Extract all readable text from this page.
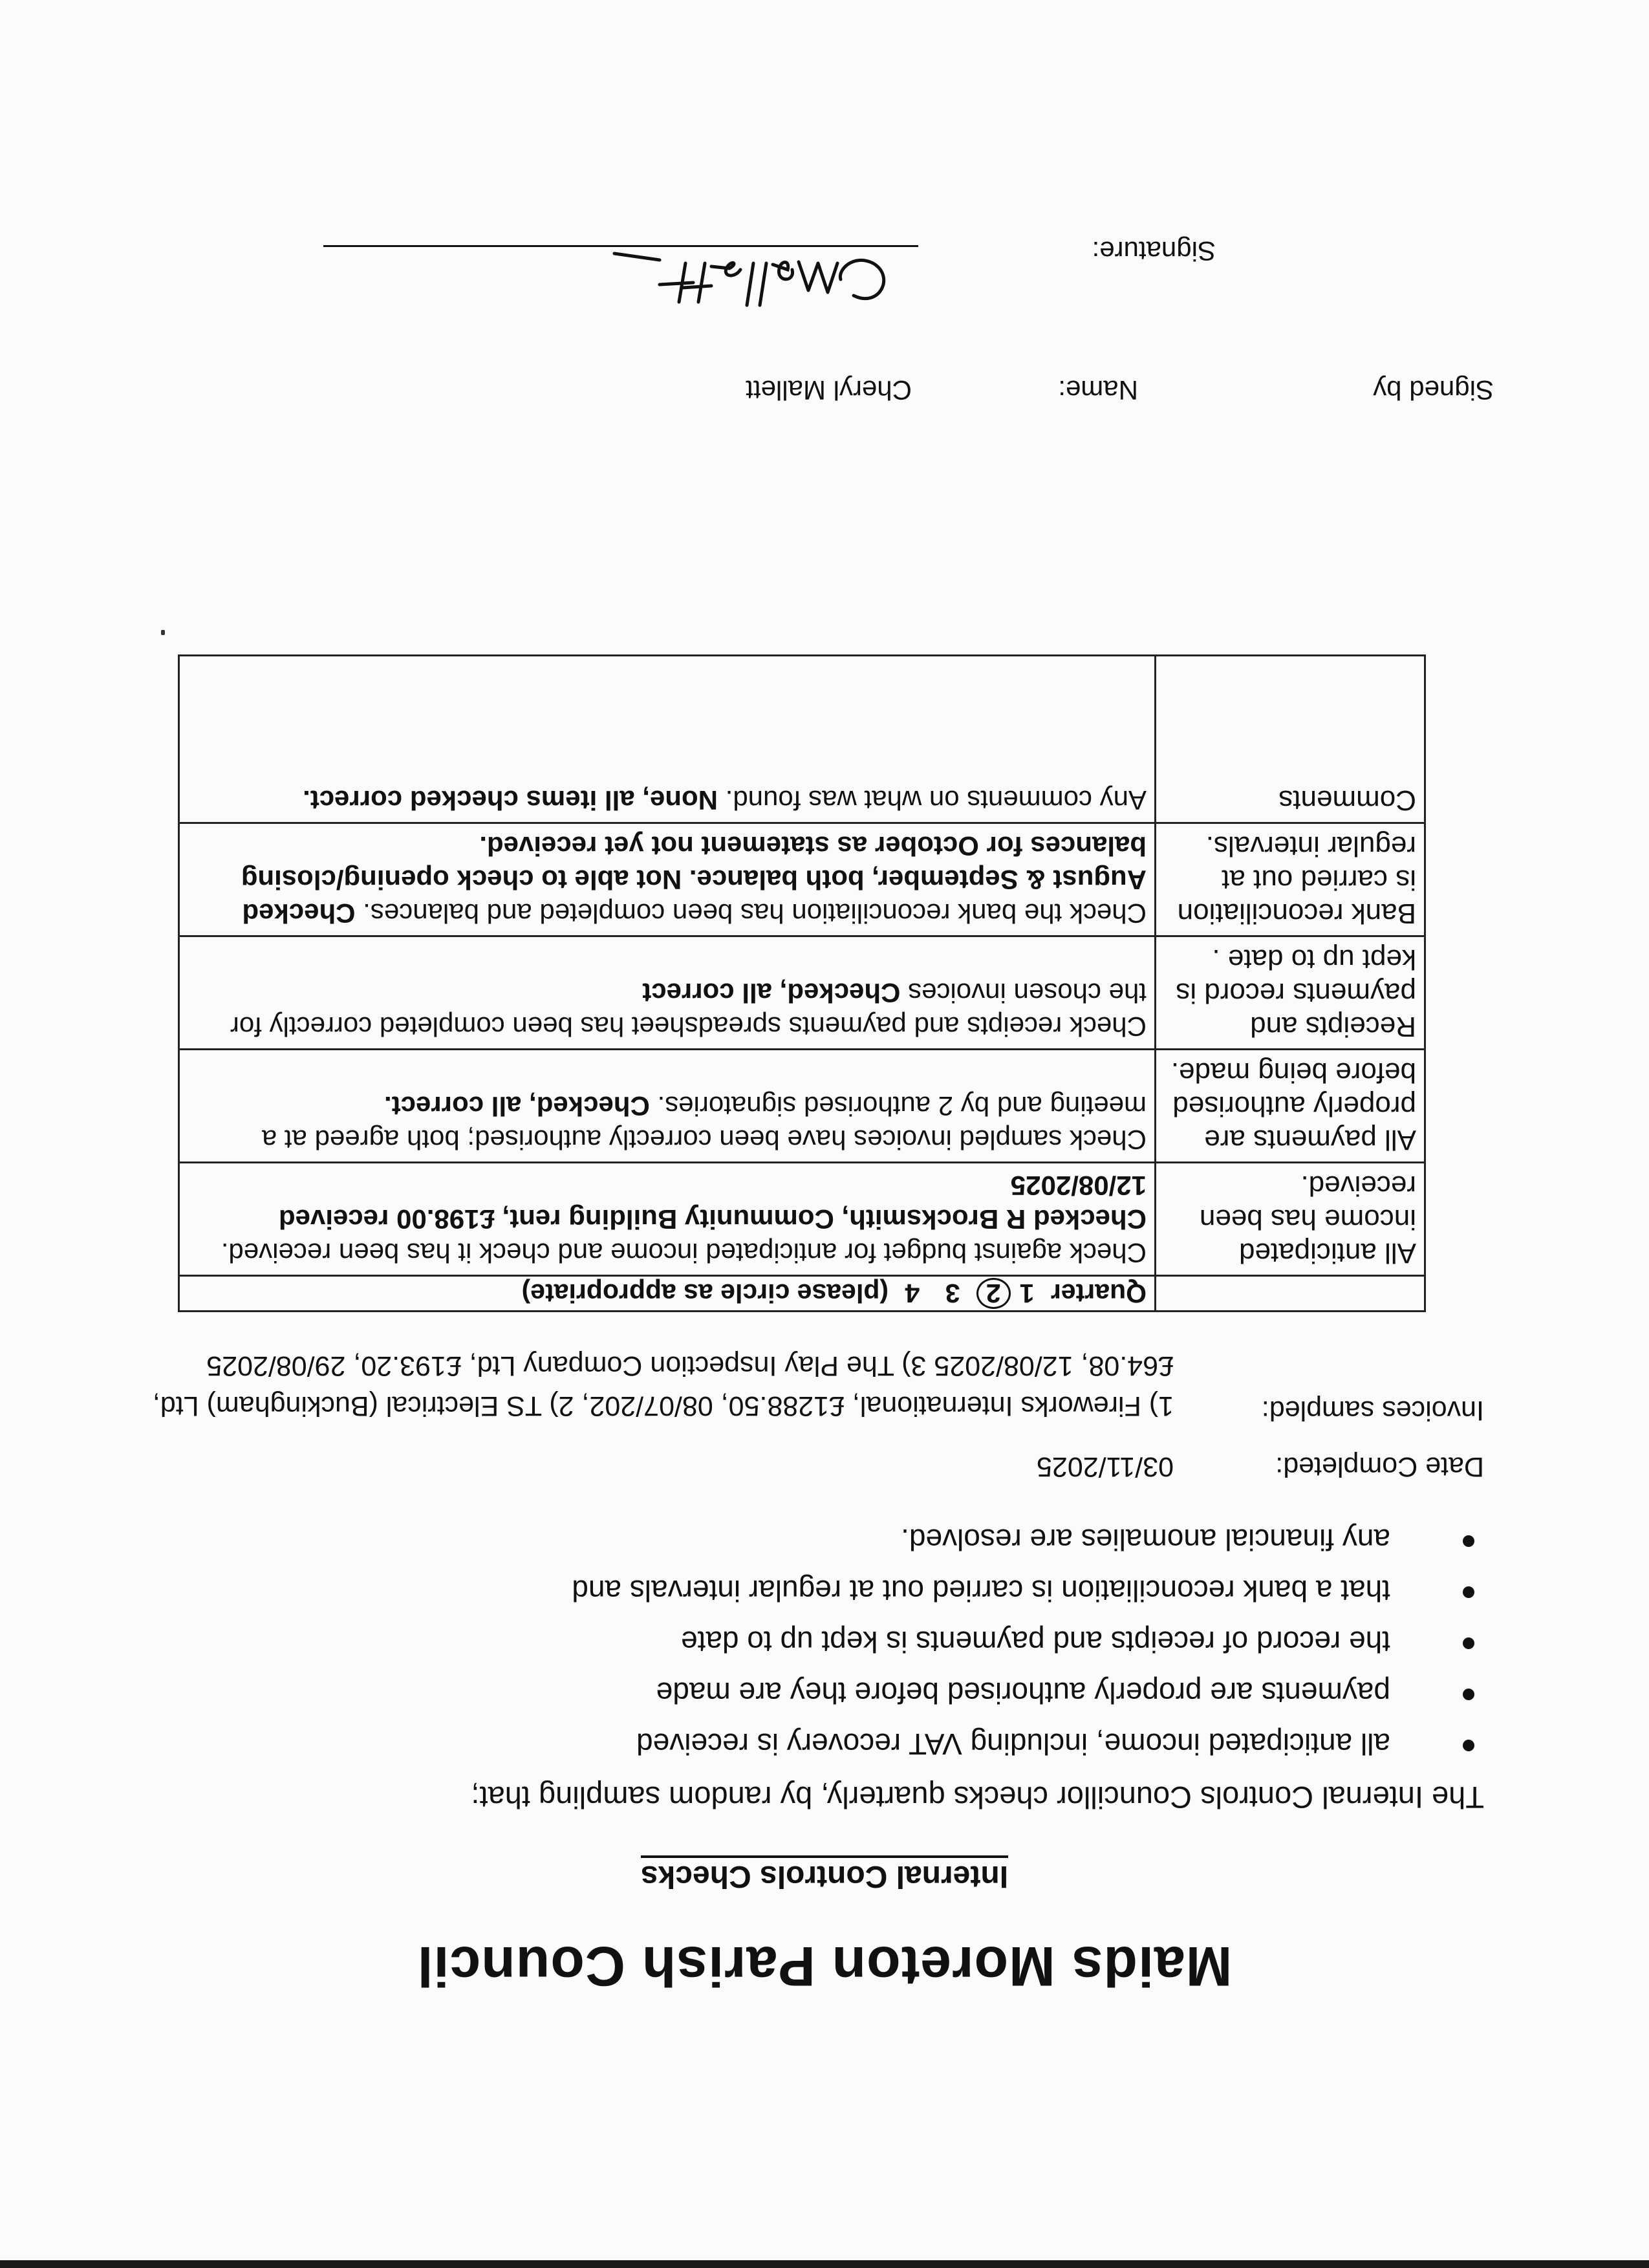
Maids Moreton Parish Council
Internal Controls Checks
The Internal Controls Councillor checks quarterly, by random sampling that;
all anticipated income, including VAT recovery is received
payments are properly authorised before they are made
the record of receipts and payments is kept up to date
that a bank reconciliation is carried out at regular intervals and
any financial anomalies are resolved.
Date Completed:
03/11/2025
Invoices sampled:
1) Fireworks International, £1288.50, 08/07/202, 2) TS Electrical (Buckingham) Ltd, £64.08, 12/08/2025 3) The Play Inspection Company Ltd, £193.20, 29/08/2025
	Quarter 12 3 4 (please circle as appropriate)
All anticipated income has been received.	Check against budget for anticipated income and check it has been received. Checked R Brocksmith, Community Building rent, £198.00 received 12/08/2025
All payments are properly authorised before being made.	Check sampled invoices have been correctly authorised; both agreed at a meeting and by 2 authorised signatories. Checked, all correct.
Receipts and payments record is kept up to date .	Check receipts and payments spreadsheet has been completed correctly for the chosen invoices Checked, all correct
Bank reconciliation is carried out at regular intervals.	Check the bank reconciliation has been completed and balances. Checked August & September, both balance. Not able to check opening/closing balances for October as statement not yet received.
Comments	Any comments on what was found. None, all items checked correct.
Signed by
Name:
Cheryl Mallett
Signature:
